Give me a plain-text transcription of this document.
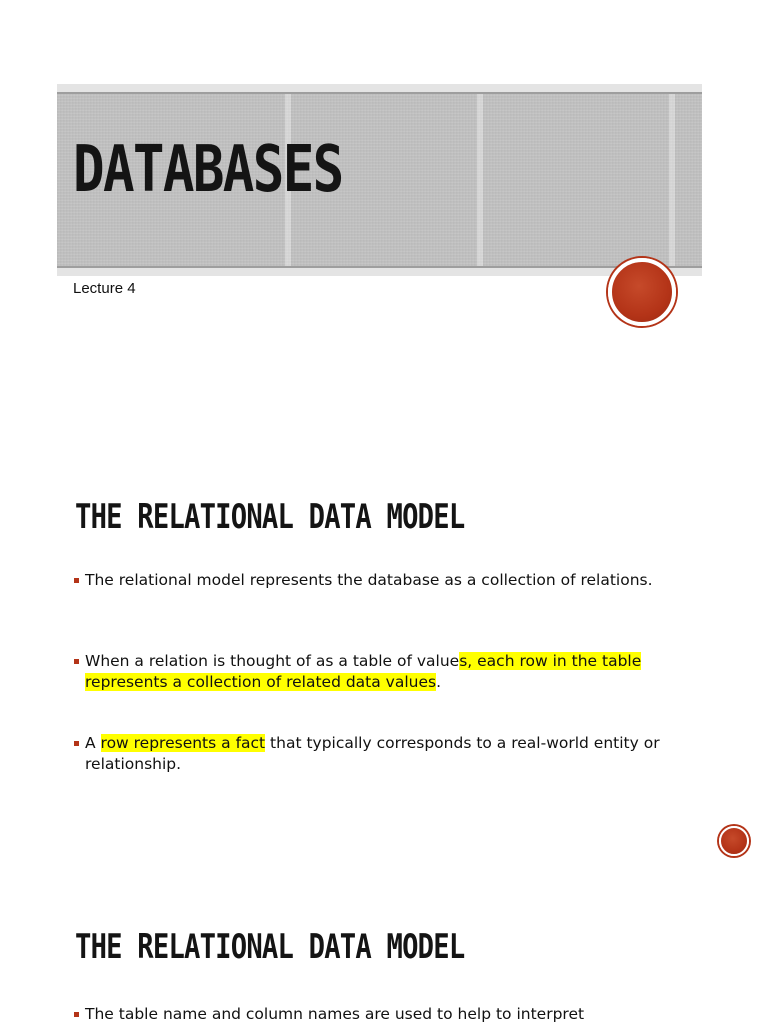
DATABASES
Lecture 4
THE RELATIONAL DATA MODEL
The relational model represents the database as a collection of relations.
When a relation is thought of as a table of values, each row in the table represents a collection of related data values.
A row represents a fact that typically corresponds to a real-world entity or relationship.
THE RELATIONAL DATA MODEL
The table name and column names are used to help to interpret
